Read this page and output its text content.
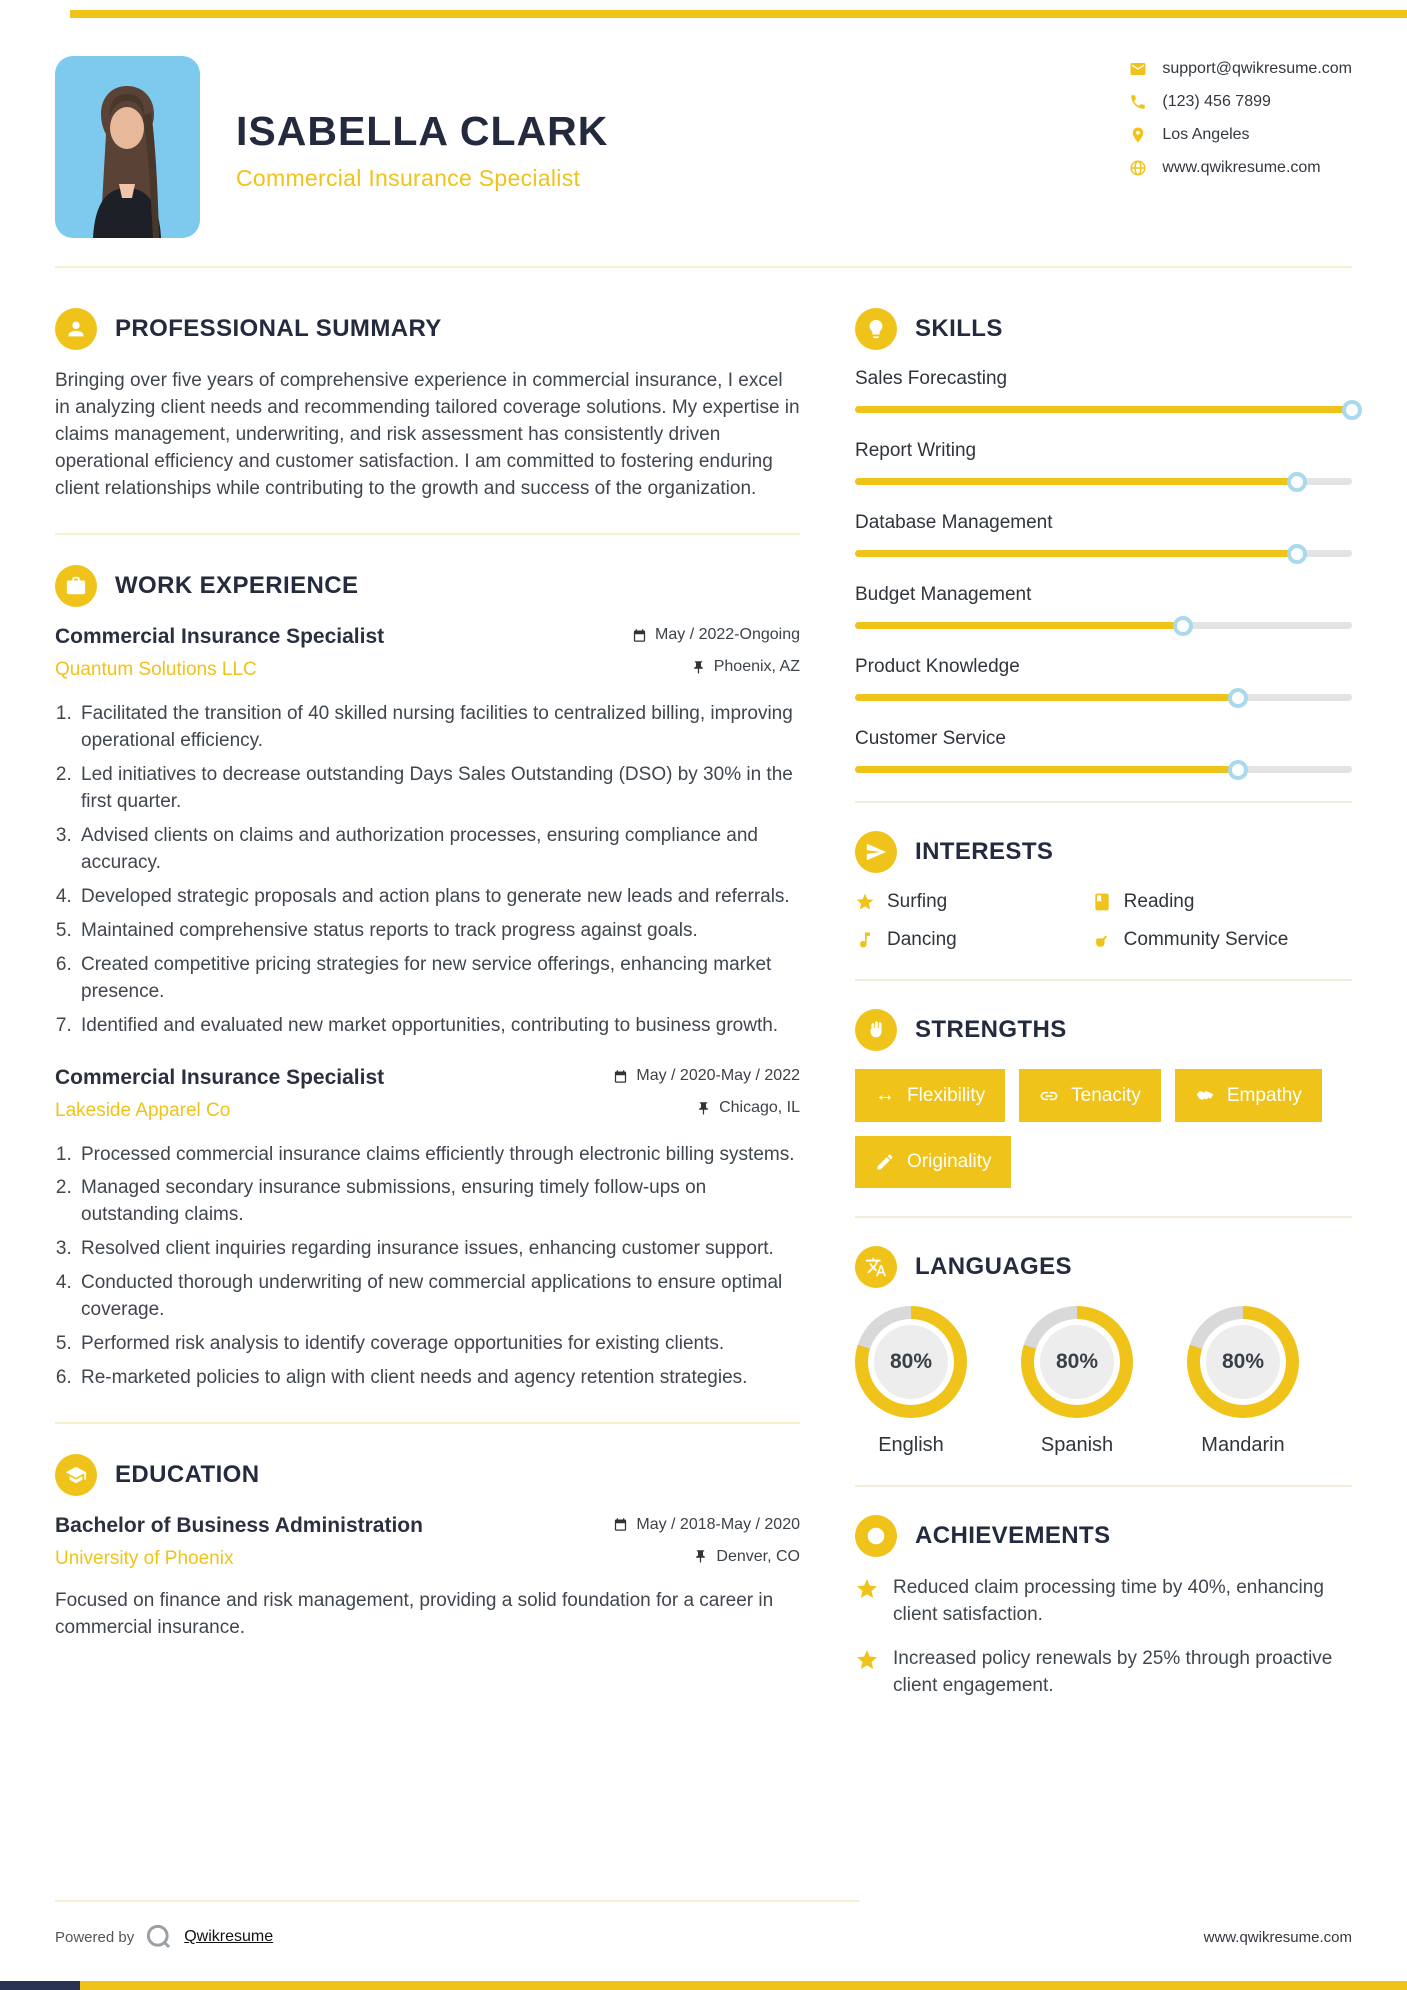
ISABELLA CLARK
Commercial Insurance Specialist
support@qwikresume.com
(123) 456 7899
Los Angeles
www.qwikresume.com
PROFESSIONAL SUMMARY

Bringing over five years of comprehensive experience in commercial insurance, I excel in analyzing client needs and recommending tailored coverage solutions. My expertise in claims management, underwriting, and risk assessment has consistently driven operational efficiency and customer satisfaction. I am committed to fostering enduring client relationships while contributing to the growth and success of the organization.

WORK EXPERIENCE
Commercial Insurance Specialist	May / 2022-Ongoing
Quantum Solutions LLC	Phoenix, AZ
1. Facilitated the transition of 40 skilled nursing facilities to centralized billing, improving operational efficiency.
2. Led initiatives to decrease outstanding Days Sales Outstanding (DSO) by 30% in the first quarter.
3. Advised clients on claims and authorization processes, ensuring compliance and accuracy.
4. Developed strategic proposals and action plans to generate new leads and referrals.
5. Maintained comprehensive status reports to track progress against goals.
6. Created competitive pricing strategies for new service offerings, enhancing market presence.
7. Identified and evaluated new market opportunities, contributing to business growth.
Commercial Insurance Specialist	May / 2020-May / 2022
Lakeside Apparel Co	Chicago, IL
1. Processed commercial insurance claims efficiently through electronic billing systems.
2. Managed secondary insurance submissions, ensuring timely follow-ups on outstanding claims.
3. Resolved client inquiries regarding insurance issues, enhancing customer support.
4. Conducted thorough underwriting of new commercial applications to ensure optimal coverage.
5. Performed risk analysis to identify coverage opportunities for existing clients.
6. Re-marketed policies to align with client needs and agency retention strategies.
EDUCATION
Bachelor of Business Administration	May / 2018-May / 2020
University of Phoenix	Denver, CO

Focused on finance and risk management, providing a solid foundation for a career in commercial insurance.

SKILLS
Sales Forecasting
Report Writing
Database Management
Budget Management
Product Knowledge
Customer Service
INTERESTS
Surfing	Reading
Dancing	Community Service
STRENGTHS
↔ Flexibility	Tenacity	Empathy
Originality
LANGUAGES
80%
English
80%
Spanish
80%
Mandarin
ACHIEVEMENTS
Reduced claim processing time by 40%, enhancing client satisfaction.
Increased policy renewals by 25% through proactive client engagement.
Powered by	Qwikresume	www.qwikresume.com
